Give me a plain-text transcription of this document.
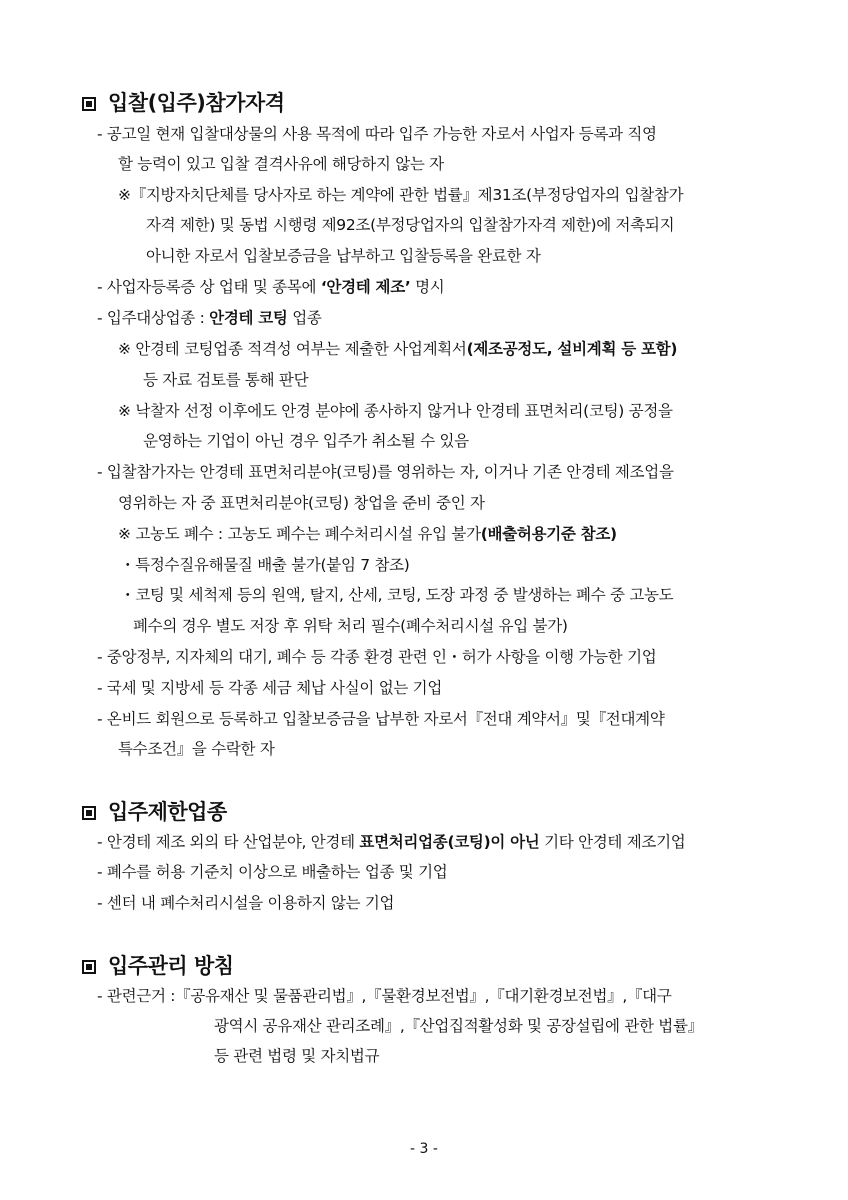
입찰(입주)참가자격
- 공고일 현재 입찰대상물의 사용 목적에 따라 입주 가능한 자로서 사업자 등록과 직영
할 능력이 있고 입찰 결격사유에 해당하지 않는 자
※『지방자치단체를 당사자로 하는 계약에 관한 법률』제31조(부정당업자의 입찰참가
자격 제한) 및 동법 시행령 제92조(부정당업자의 입찰참가자격 제한)에 저촉되지
아니한 자로서 입찰보증금을 납부하고 입찰등록을 완료한 자
- 사업자등록증 상 업태 및 종목에 ‘안경테 제조’ 명시
- 입주대상업종 : 안경테 코팅 업종
※ 안경테 코팅업종 적격성 여부는 제출한 사업계획서(제조공정도, 설비계획 등 포함)
등 자료 검토를 통해 판단
※ 낙찰자 선정 이후에도 안경 분야에 종사하지 않거나 안경테 표면처리(코팅) 공정을
운영하는 기업이 아닌 경우 입주가 취소될 수 있음
- 입찰참가자는 안경테 표면처리분야(코팅)를 영위하는 자, 이거나 기존 안경테 제조업을
영위하는 자 중 표면처리분야(코팅) 창업을 준비 중인 자
※ 고농도 폐수 : 고농도 폐수는 폐수처리시설 유입 불가(배출허용기준 참조)
・특정수질유해물질 배출 불가(붙임 7 참조)
・코팅 및 세척제 등의 원액, 탈지, 산세, 코팅, 도장 과정 중 발생하는 폐수 중 고농도
폐수의 경우 별도 저장 후 위탁 처리 필수(폐수처리시설 유입 불가)
- 중앙정부, 지자체의 대기, 폐수 등 각종 환경 관련 인・허가 사항을 이행 가능한 기업
- 국세 및 지방세 등 각종 세금 체납 사실이 없는 기업
- 온비드 회원으로 등록하고 입찰보증금을 납부한 자로서『전대 계약서』및『전대계약
특수조건』을 수락한 자
입주제한업종
- 안경테 제조 외의 타 산업분야, 안경테 표면처리업종(코팅)이 아닌 기타 안경테 제조기업
- 폐수를 허용 기준치 이상으로 배출하는 업종 및 기업
- 센터 내 폐수처리시설을 이용하지 않는 기업
입주관리 방침
- 관련근거 :『공유재산 및 물품관리법』,『물환경보전법』,『대기환경보전법』,『대구
광역시 공유재산 관리조례』,『산업집적활성화 및 공장설립에 관한 법률』
등 관련 법령 및 자치법규
- 3 -
